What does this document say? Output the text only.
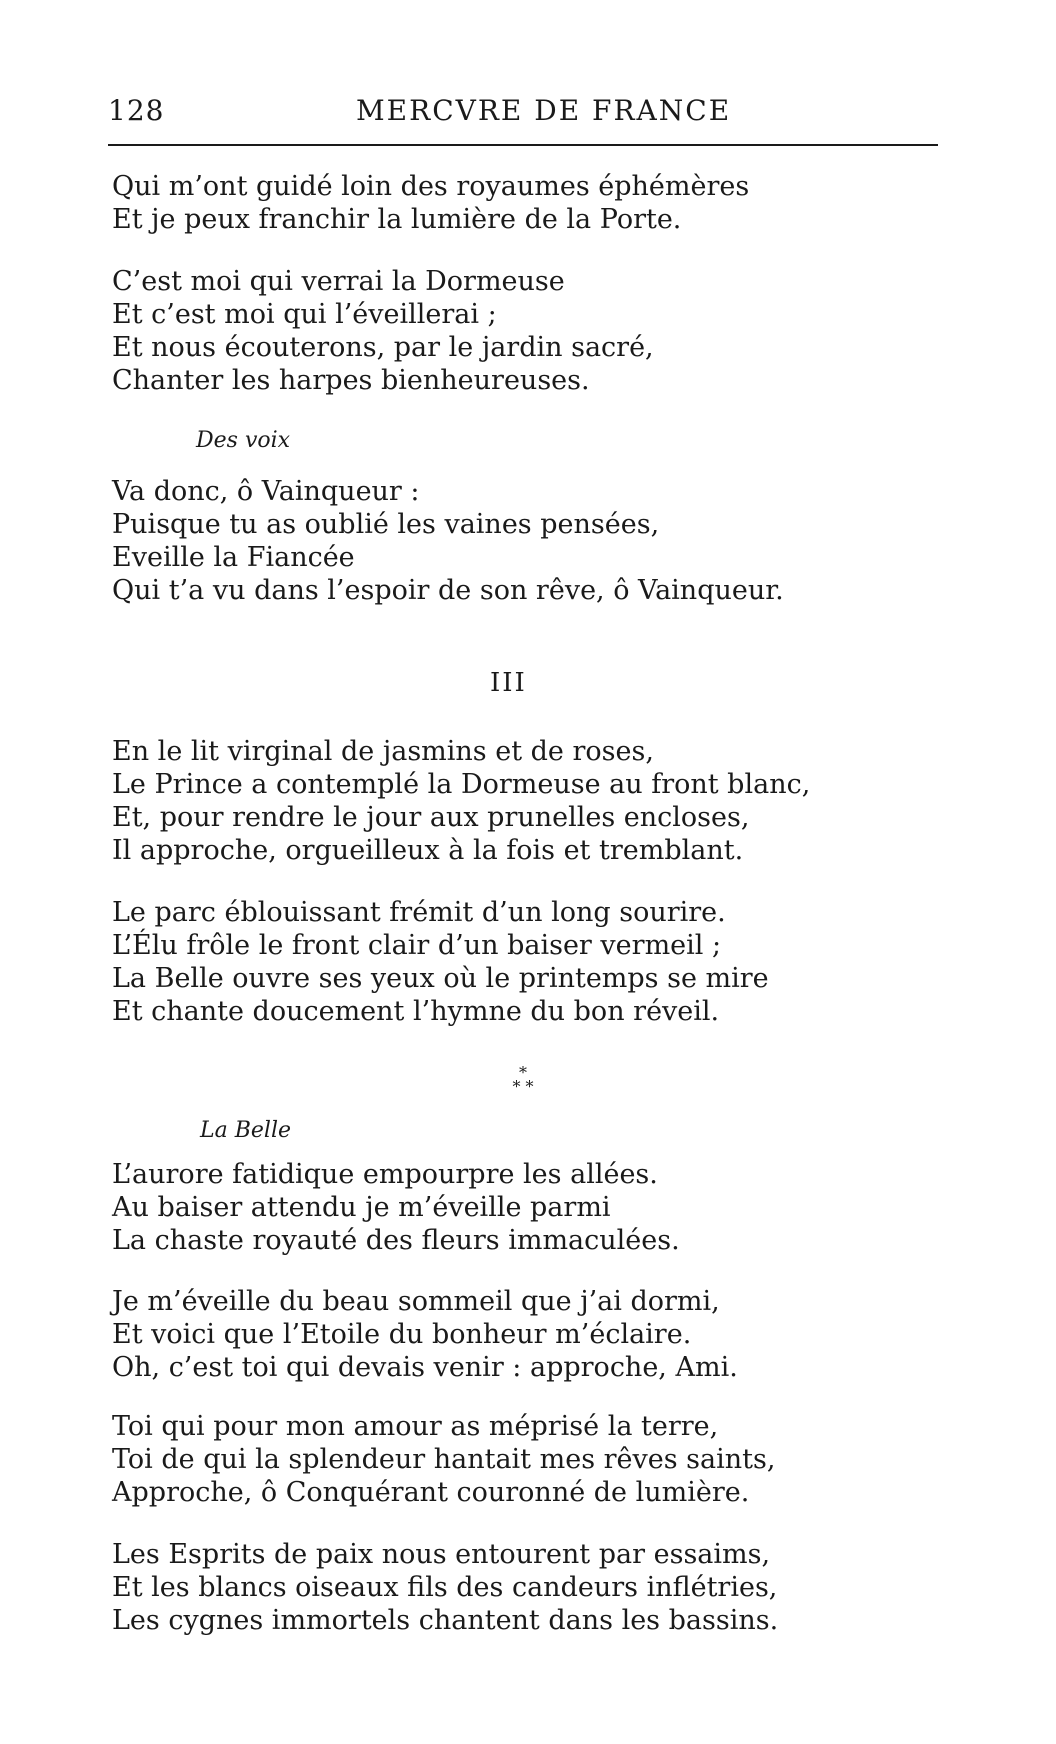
128	MERCVRE DE FRANCE
Qui m’ont guidé loin des royaumes éphémères
Et je peux franchir la lumière de la Porte.
C’est moi qui verrai la Dormeuse
Et c’est moi qui l’éveillerai ;
Et nous écouterons, par le jardin sacré,
Chanter les harpes bienheureuses.
Des voix
Va donc, ô Vainqueur :
Puisque tu as oublié les vaines pensées,
Eveille la Fiancée
Qui t’a vu dans l’espoir de son rêve, ô Vainqueur.
III
En le lit virginal de jasmins et de roses,
Le Prince a contemplé la Dormeuse au front blanc,
Et, pour rendre le jour aux prunelles encloses,
Il approche, orgueilleux à la fois et tremblant.
Le parc éblouissant frémit d’un long sourire.
L’Élu frôle le front clair d’un baiser vermeil ;
La Belle ouvre ses yeux où le printemps se mire
Et chante doucement l’hymne du bon réveil.
*
* *
La Belle
L’aurore fatidique empourpre les allées.
Au baiser attendu je m’éveille parmi
La chaste royauté des fleurs immaculées.
Je m’éveille du beau sommeil que j’ai dormi,
Et voici que l’Etoile du bonheur m’éclaire.
Oh, c’est toi qui devais venir : approche, Ami.
Toi qui pour mon amour as méprisé la terre,
Toi de qui la splendeur hantait mes rêves saints,
Approche, ô Conquérant couronné de lumière.
Les Esprits de paix nous entourent par essaims,
Et les blancs oiseaux fils des candeurs inflétries,
Les cygnes immortels chantent dans les bassins.
